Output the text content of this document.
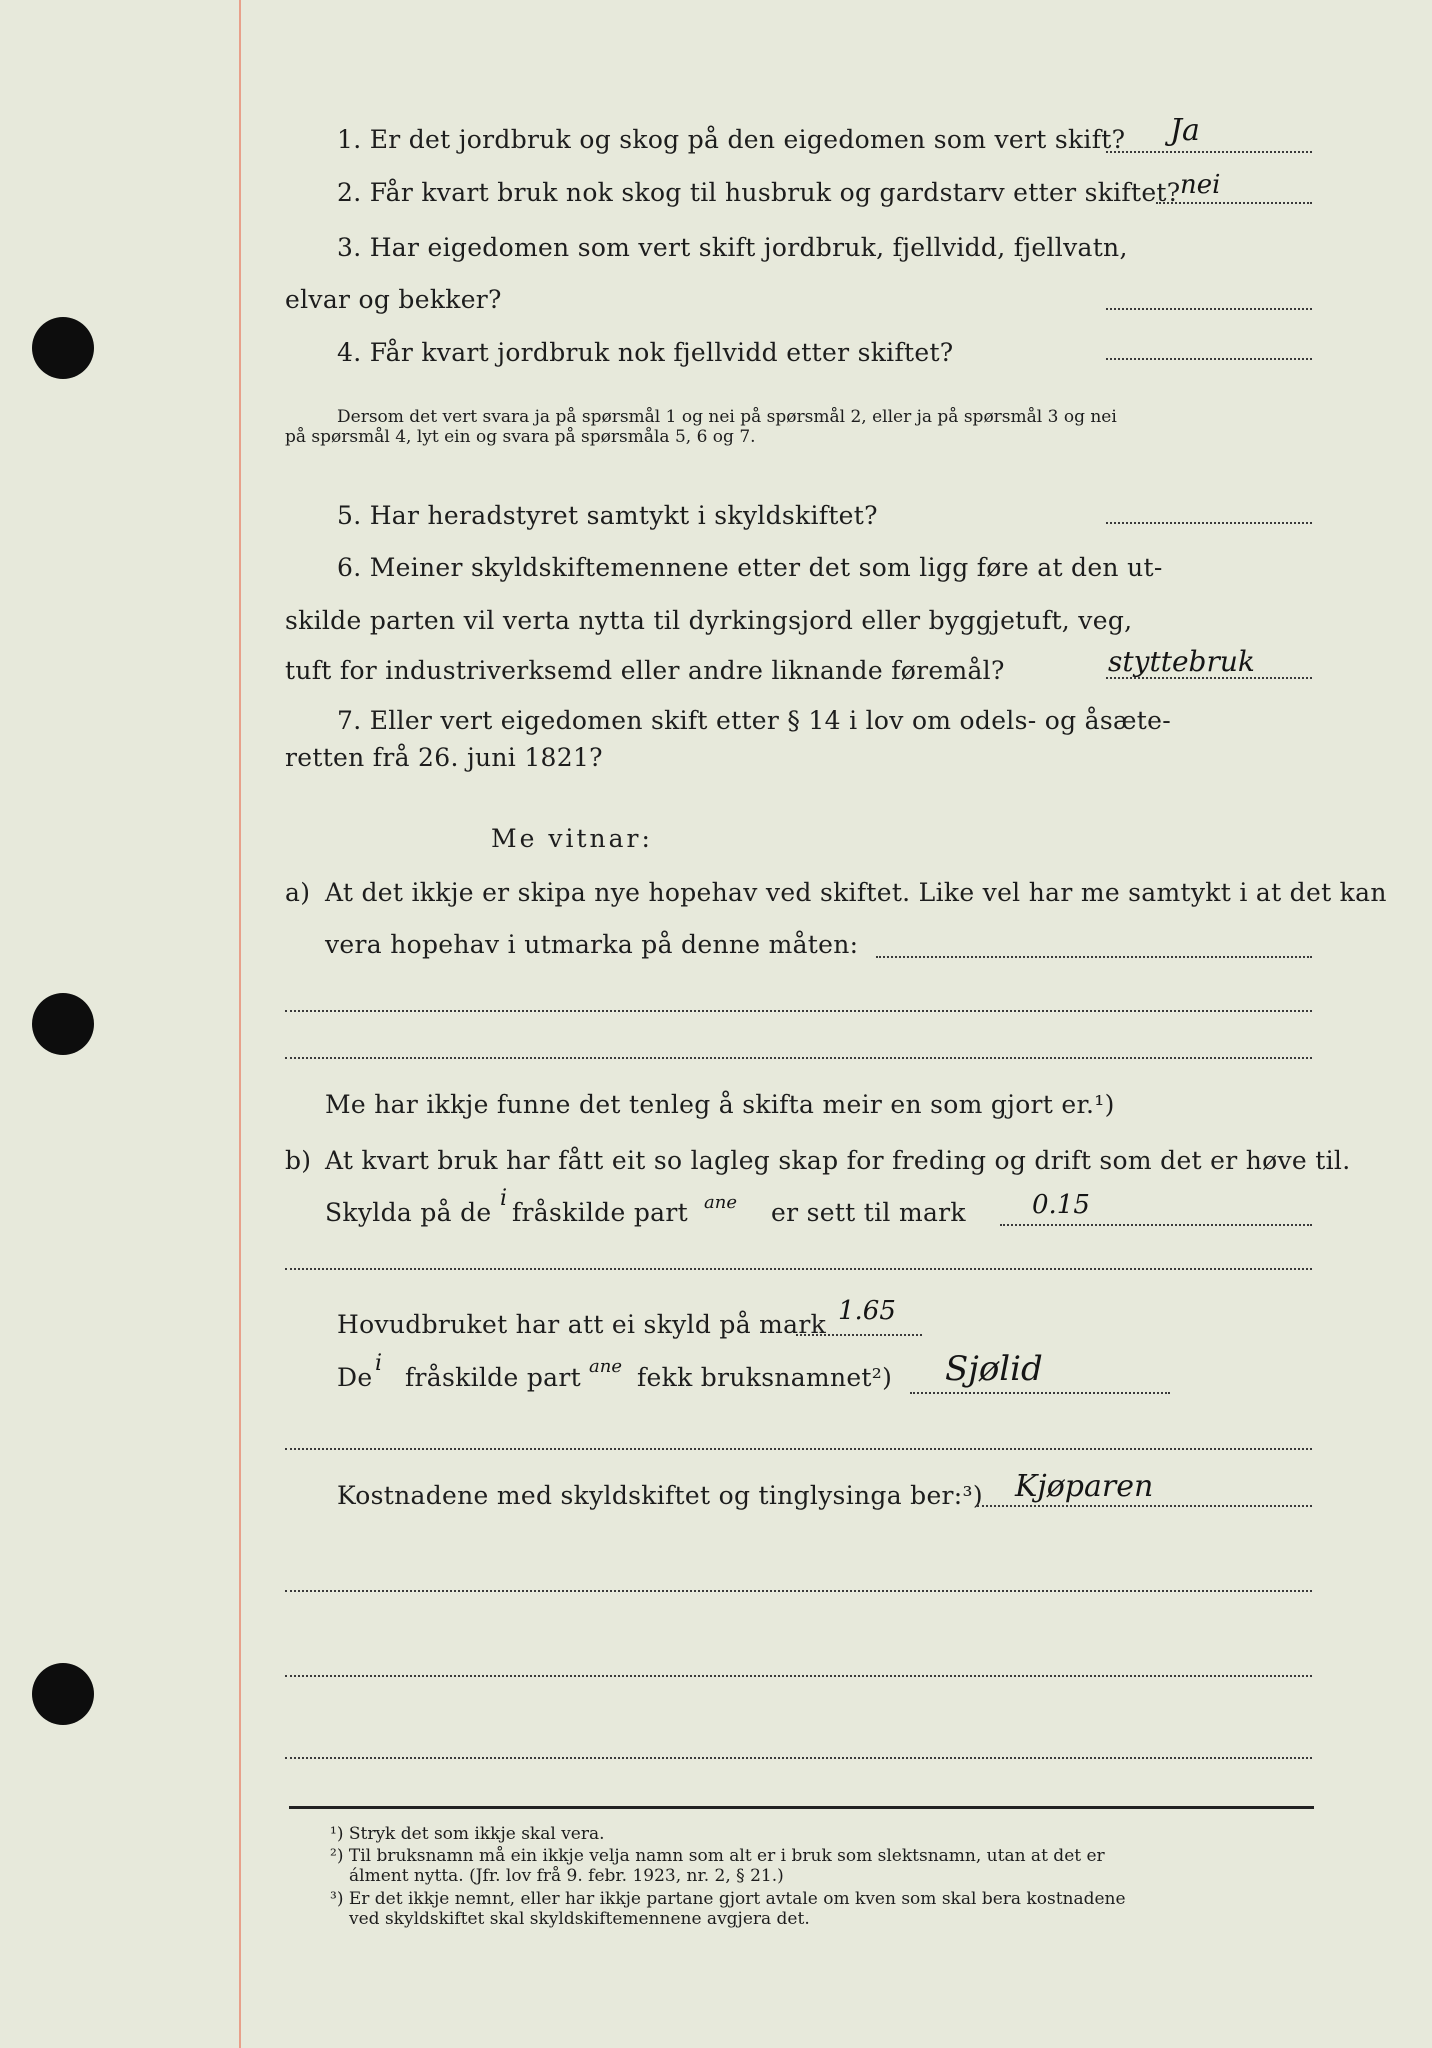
1. Er det jordbruk og skog på den eigedomen som vert skift? Ja
2. Får kvart bruk nok skog til husbruk og gardstarv etter skiftet? nei
3. Har eigedomen som vert skift jordbruk, fjellvidd, fjellvatn,
elvar og bekker?
4. Får kvart jordbruk nok fjellvidd etter skiftet?
Dersom det vert svara ja på spørsmål 1 og nei på spørsmål 2, eller ja på spørsmål 3 og nei
på spørsmål 4, lyt ein og svara på spørsmåla 5, 6 og 7.
5. Har heradstyret samtykt i skyldskiftet?
6. Meiner skyldskiftemennene etter det som ligg føre at den ut-
skilde parten vil verta nytta til dyrkingsjord eller byggjetuft, veg,
tuft for industriverksemd eller andre liknande føremål?	styttebruk
7. Eller vert eigedomen skift etter § 14 i lov om odels- og åsæte-
retten frå 26. juni 1821?
Me vitnar:
a) At det ikkje er skipa nye hopehav ved skiftet. Like vel har me samtykt i at det kan
vera hopehav i utmarka på denne måten:
Me har ikkje funne det tenleg å skifta meir en som gjort er.¹)
b) At kvart bruk har fått eit so lagleg skap for freding og drift som det er høve til.
Skylda på de i fråskilde part ane er sett til mark	0.15
Hovudbruket har att ei skyld på mark 1.65
De i fråskilde part ane fekk bruksnamnet²) Sjølid
Kostnadene med skyldskiftet og tinglysinga ber:³) Kjøparen
¹) Stryk det som ikkje skal vera.
²) Til bruksnamn må ein ikkje velja namn som alt er i bruk som slektsnamn, utan at det er
álment nytta. (Jfr. lov frå 9. febr. 1923, nr. 2, § 21.)
³) Er det ikkje nemnt, eller har ikkje partane gjort avtale om kven som skal bera kostnadene
ved skyldskiftet skal skyldskiftemennene avgjera det.
